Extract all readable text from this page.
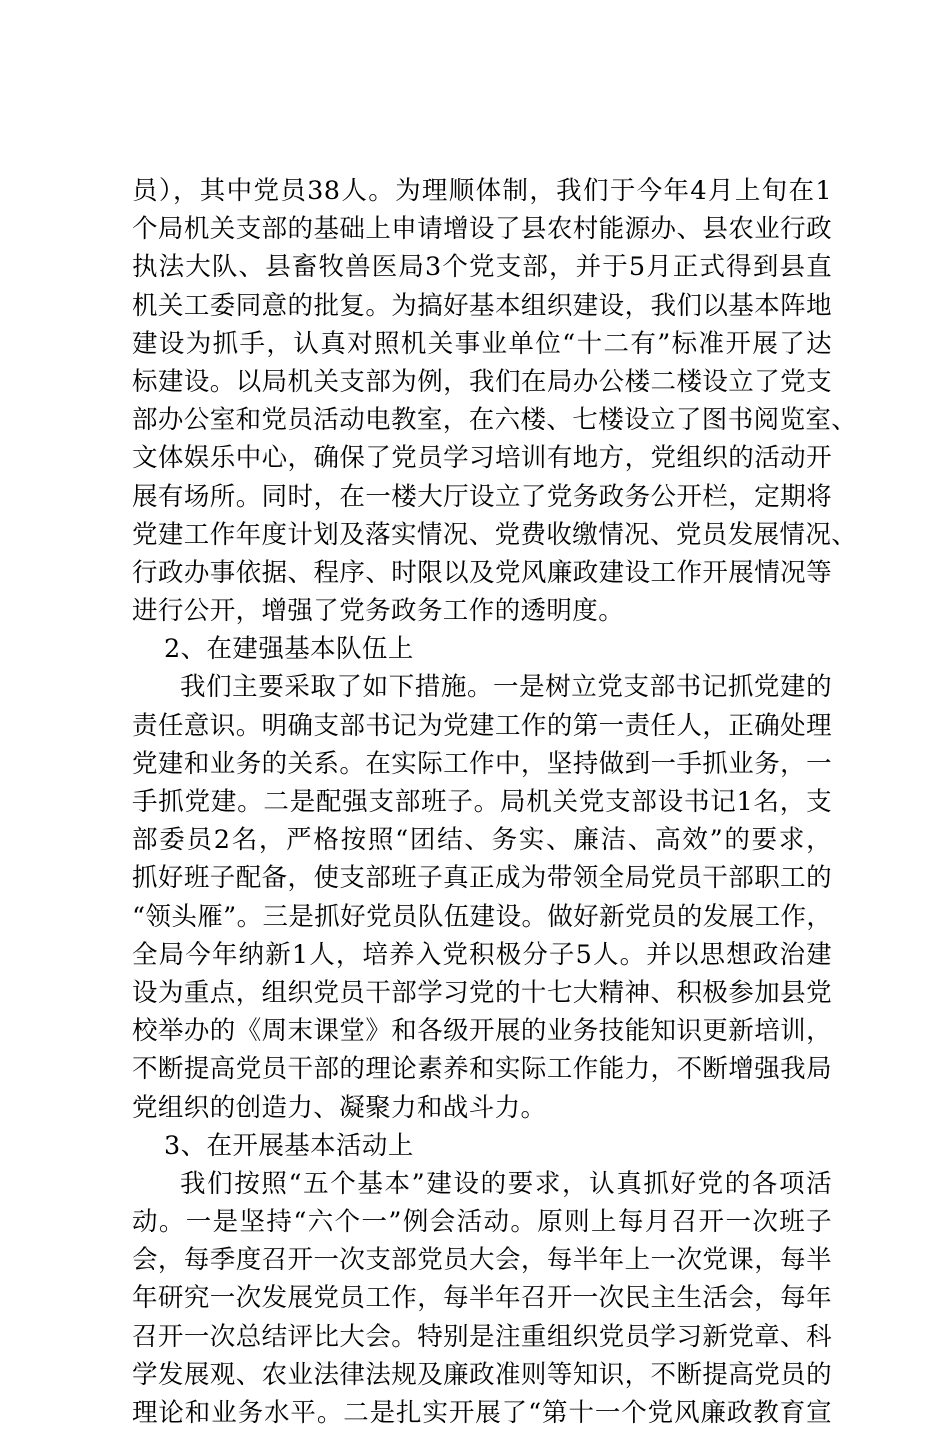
员），其中党员38人。为理顺体制，我们于今年4月上旬在1
个局机关支部的基础上申请增设了县农村能源办、县农业行政
执法大队、县畜牧兽医局3个党支部，并于5月正式得到县直
机关工委同意的批复。为搞好基本组织建设，我们以基本阵地
建设为抓手，认真对照机关事业单位“十二有”标准开展了达
标建设。以局机关支部为例，我们在局办公楼二楼设立了党支
部办公室和党员活动电教室，在六楼、七楼设立了图书阅览室、
文体娱乐中心，确保了党员学习培训有地方，党组织的活动开
展有场所。同时，在一楼大厅设立了党务政务公开栏，定期将
党建工作年度计划及落实情况、党费收缴情况、党员发展情况、
行政办事依据、程序、时限以及党风廉政建设工作开展情况等
进行公开，增强了党务政务工作的透明度。
2、在建强基本队伍上
我们主要采取了如下措施。一是树立党支部书记抓党建的
责任意识。明确支部书记为党建工作的第一责任人，正确处理
党建和业务的关系。在实际工作中，坚持做到一手抓业务，一
手抓党建。二是配强支部班子。局机关党支部设书记1名，支
部委员2名，严格按照“团结、务实、廉洁、高效”的要求，
抓好班子配备，使支部班子真正成为带领全局党员干部职工的
“领头雁”。三是抓好党员队伍建设。做好新党员的发展工作，
全局今年纳新1人，培养入党积极分子5人。并以思想政治建
设为重点，组织党员干部学习党的十七大精神、积极参加县党
校举办的《周末课堂》和各级开展的业务技能知识更新培训，
不断提高党员干部的理论素养和实际工作能力，不断增强我局
党组织的创造力、凝聚力和战斗力。
3、在开展基本活动上
我们按照“五个基本”建设的要求，认真抓好党的各项活
动。一是坚持“六个一”例会活动。原则上每月召开一次班子
会，每季度召开一次支部党员大会，每半年上一次党课，每半
年研究一次发展党员工作，每半年召开一次民主生活会，每年
召开一次总结评比大会。特别是注重组织党员学习新党章、科
学发展观、农业法律法规及廉政准则等知识，不断提高党员的
理论和业务水平。二是扎实开展了“第十一个党风廉政教育宣
